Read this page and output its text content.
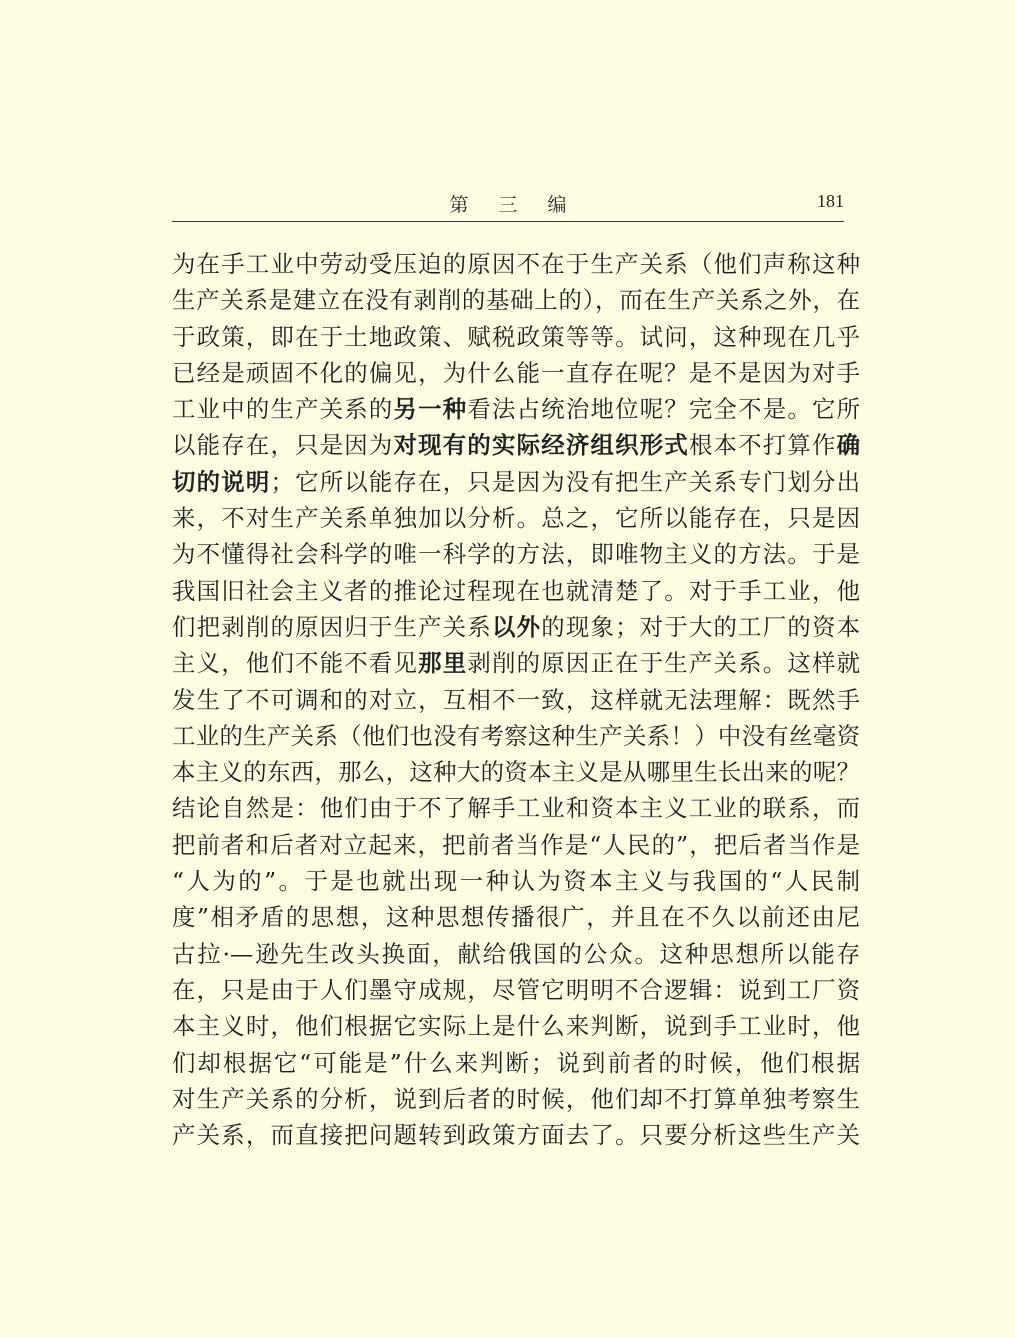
第三编	181
为在手工业中劳动受压迫的原因不在于生产关系（他们声称这种
生产关系是建立在没有剥削的基础上的），而在生产关系之外，在
于政策，即在于土地政策、赋税政策等等。试问，这种现在几乎
已经是顽固不化的偏见，为什么能一直存在呢？是不是因为对手
工业中的生产关系的另一种看法占统治地位呢？完全不是。它所
以能存在，只是因为对现有的实际经济组织形式根本不打算作确
切的说明；它所以能存在，只是因为没有把生产关系专门划分出
来，不对生产关系单独加以分析。总之，它所以能存在，只是因
为不懂得社会科学的唯一科学的方法，即唯物主义的方法。于是
我国旧社会主义者的推论过程现在也就清楚了。对于手工业，他
们把剥削的原因归于生产关系以外的现象；对于大的工厂的资本
主义，他们不能不看见那里剥削的原因正在于生产关系。这样就
发生了不可调和的对立，互相不一致，这样就无法理解：既然手
工业的生产关系（他们也没有考察这种生产关系！）中没有丝毫资
本主义的东西，那么，这种大的资本主义是从哪里生长出来的呢？
结论自然是：他们由于不了解手工业和资本主义工业的联系，而
把前者和后者对立起来，把前者当作是“人民的”，把后者当作是
“人为的”。于是也就出现一种认为资本主义与我国的“人民制
度”相矛盾的思想，这种思想传播很广，并且在不久以前还由尼
古拉·—逊先生改头换面，献给俄国的公众。这种思想所以能存
在，只是由于人们墨守成规，尽管它明明不合逻辑：说到工厂资
本主义时，他们根据它实际上是什么来判断，说到手工业时，他
们却根据它“可能是”什么来判断；说到前者的时候，他们根据
对生产关系的分析，说到后者的时候，他们却不打算单独考察生
产关系，而直接把问题转到政策方面去了。只要分析这些生产关
